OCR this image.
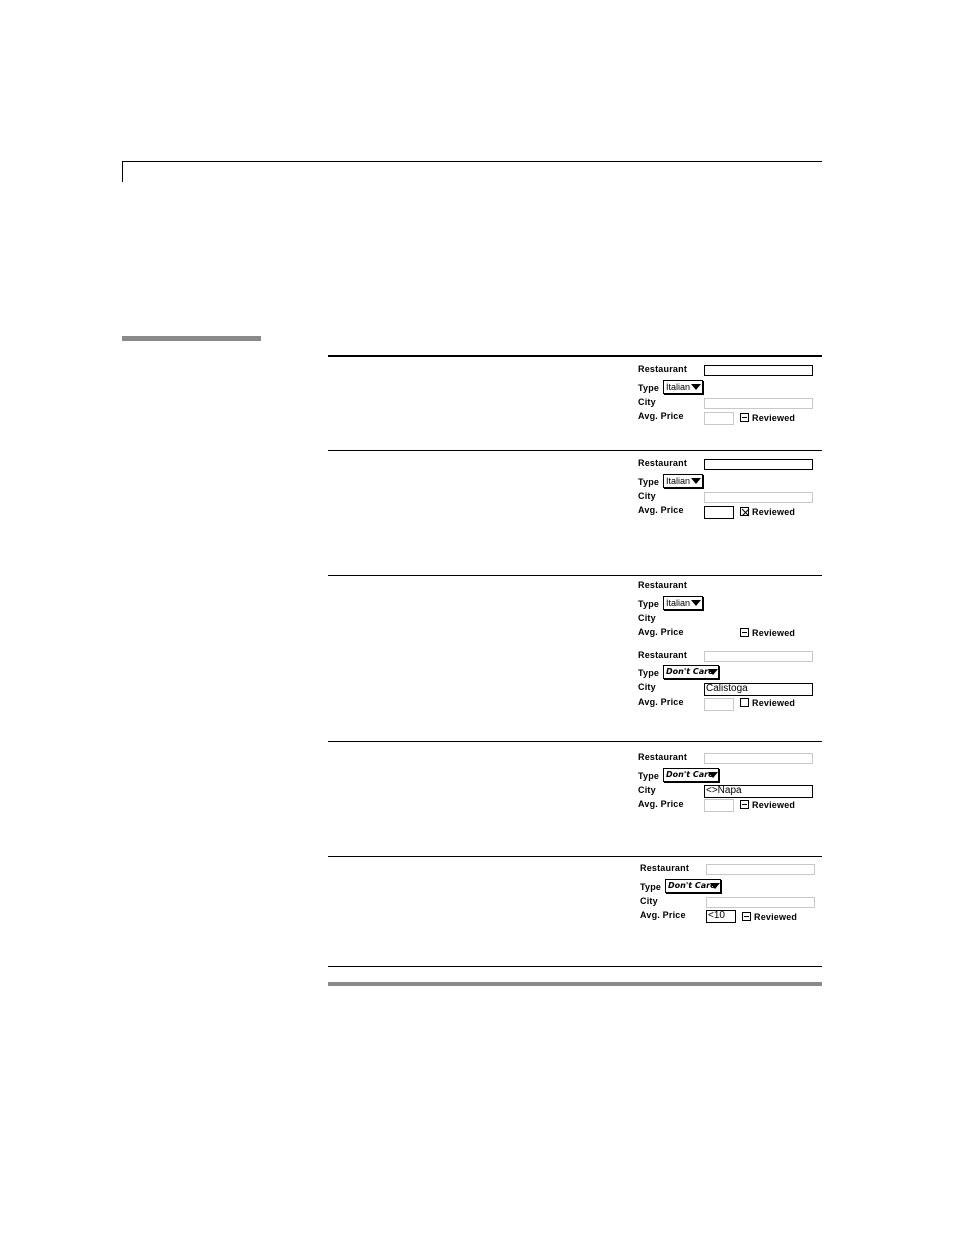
Restaurant
Type Italian
City
Avg. Price	Reviewed
Restaurant
Type Italian
City
Avg. Price	Reviewed
Restaurant
Type Italian
City
Avg. Price	Reviewed
Restaurant
Type Don't Care
City	Calistoga
Avg. Price	Reviewed
Restaurant
Type Don't Care
City	<>Napa
Avg. Price	Reviewed
Restaurant
Type Don't Care
City
Avg. Price <10	Reviewed
